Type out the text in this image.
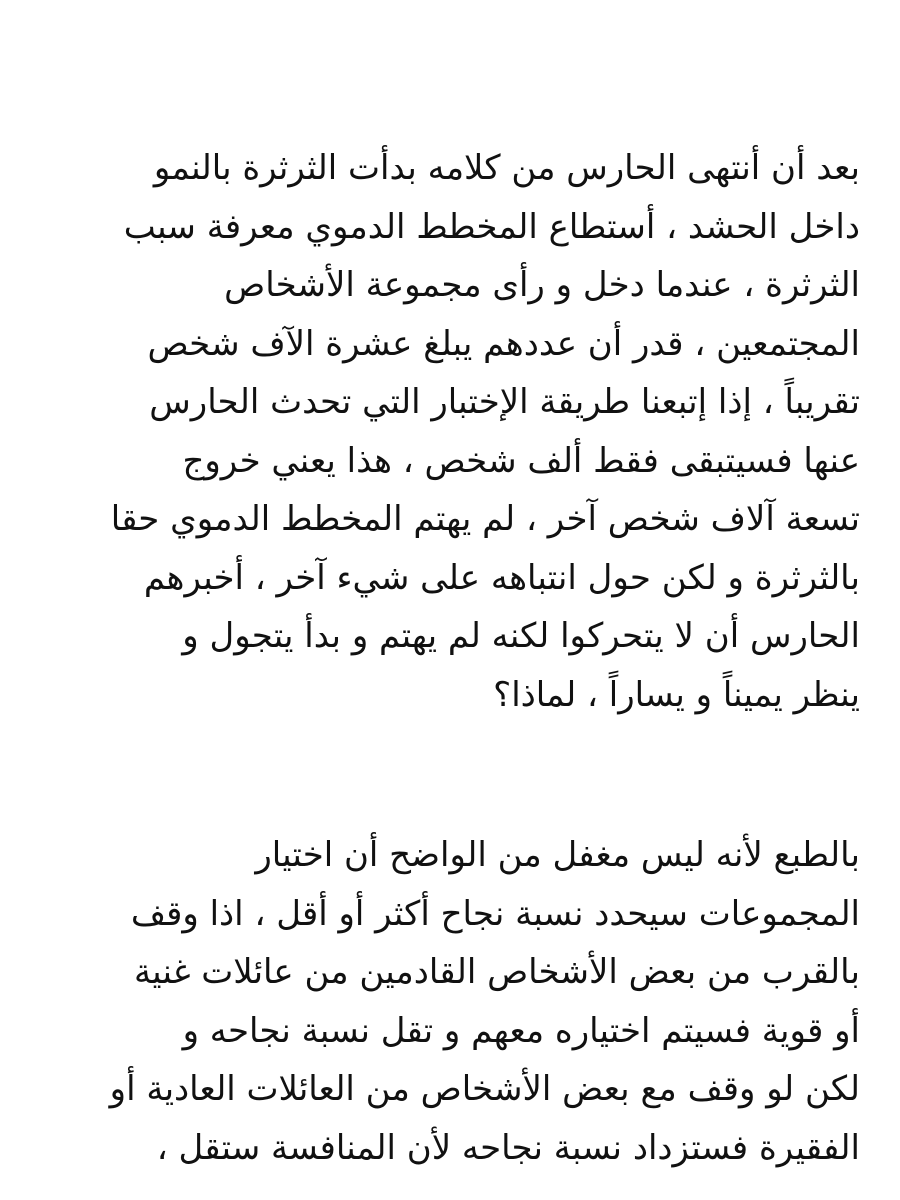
بعد أن أنتهى الحارس من كلامه بدأت الثرثرة بالنمو
داخل الحشد ، أستطاع المخطط الدموي معرفة سبب
الثرثرة ، عندما دخل و رأى مجموعة الأشخاص
المجتمعين ، قدر أن عددهم يبلغ عشرة الآف شخص
تقريباً ، إذا إتبعنا طريقة الإختبار التي تحدث الحارس
عنها فسيتبقى فقط ألف شخص ، هذا يعني خروج
تسعة آلاف شخص آخر ، لم يهتم المخطط الدموي حقا
بالثرثرة و لكن حول انتباهه على شيء آخر ، أخبرهم
الحارس أن لا يتحركوا لكنه لم يهتم و بدأ يتجول و
ينظر يميناً و يساراً ، لماذا؟
بالطبع لأنه ليس مغفل من الواضح أن اختيار
المجموعات سيحدد نسبة نجاح أكثر أو أقل ، اذا وقف
بالقرب من بعض الأشخاص القادمين من عائلات غنية
أو قوية فسيتم اختياره معهم و تقل نسبة نجاحه و
لكن لو وقف مع بعض الأشخاص من العائلات العادية أو
الفقيرة فستزداد نسبة نجاحه لأن المنافسة ستقل ،
